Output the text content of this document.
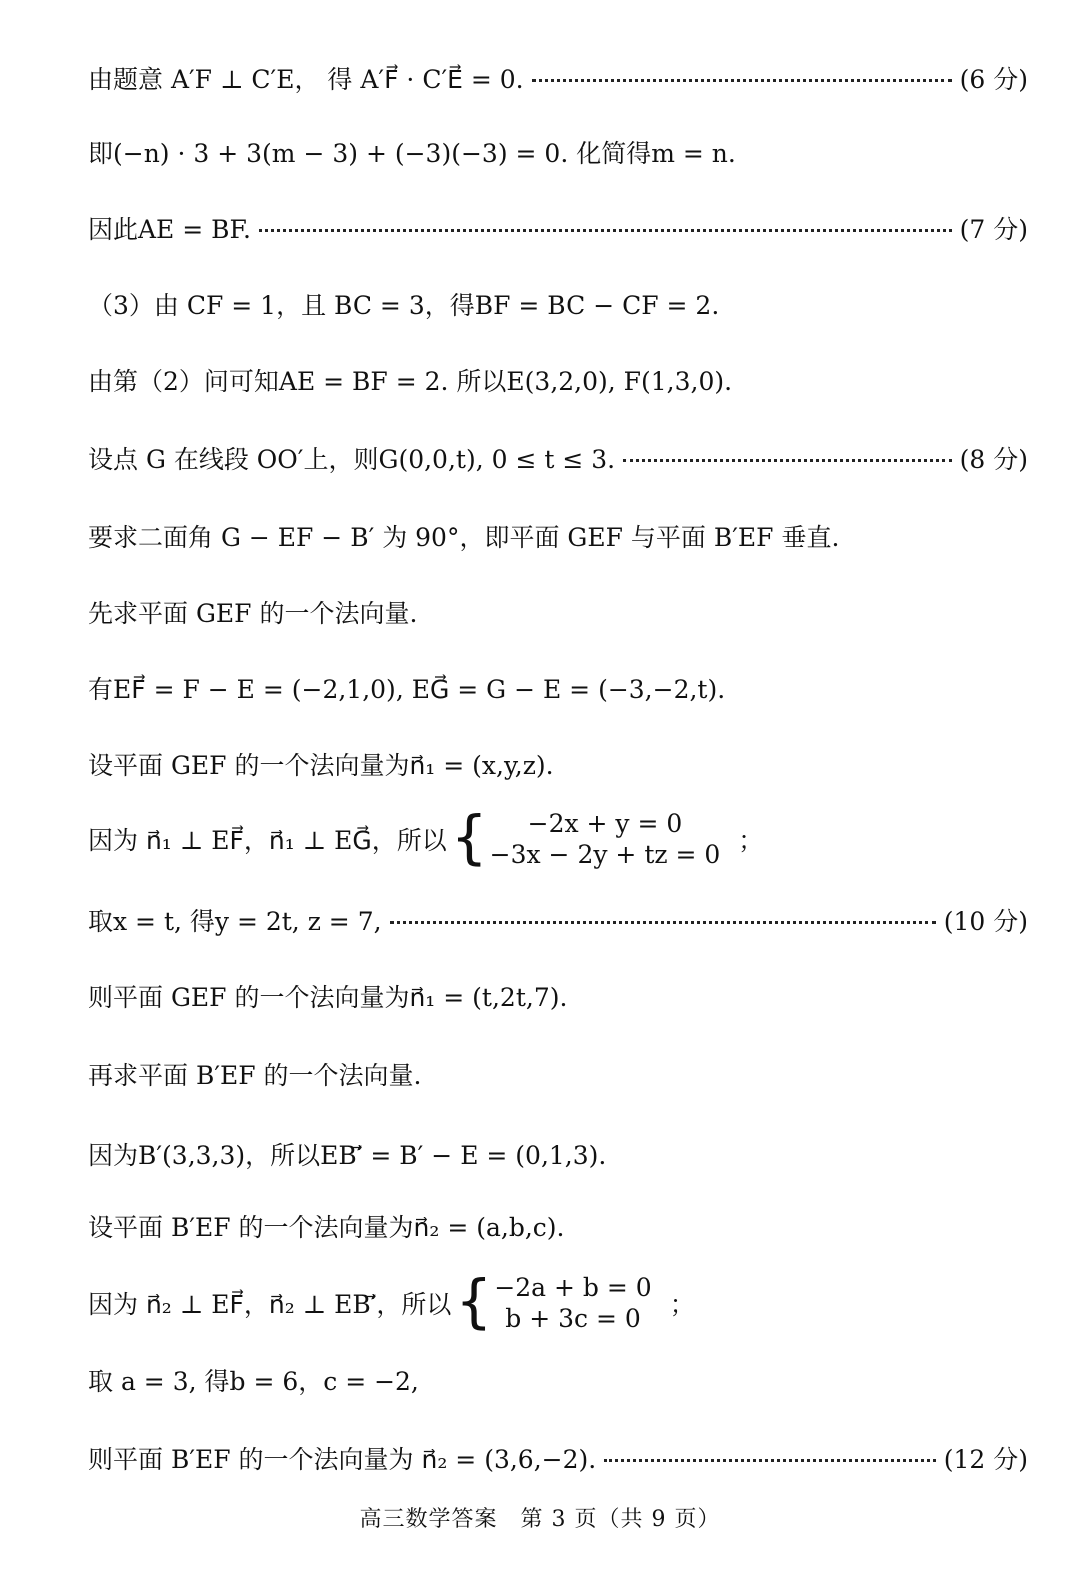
由题意 A′F ⊥ C′E， 得 A′F⃗ · C′E⃗ = 0.	(6 分)
即(−n) · 3 + 3(m − 3) + (−3)(−3) = 0. 化简得m = n.
因此AE = BF.	(7 分)
（3）由 CF = 1，且 BC = 3，得BF = BC − CF = 2.
由第（2）问可知AE = BF = 2. 所以E(3,2,0), F(1,3,0).
设点 G 在线段 OO′上，则G(0,0,t), 0 ≤ t ≤ 3.	(8 分)
要求二面角 G − EF − B′ 为 90°，即平面 GEF 与平面 B′EF 垂直.
先求平面 GEF 的一个法向量.
有EF⃗ = F − E = (−2,1,0), EG⃗ = G − E = (−3,−2,t).
设平面 GEF 的一个法向量为n⃗₁ = (x,y,z).
因为 n⃗₁ ⊥ EF⃗，n⃗₁ ⊥ EG⃗，所以 { −2x + y = 0
−3x − 2y + tz = 0 ；
取x = t, 得y = 2t, z = 7,	(10 分)
则平面 GEF 的一个法向量为n⃗₁ = (t,2t,7).
再求平面 B′EF 的一个法向量.
因为B′(3,3,3)，所以EB′⃗ = B′ − E = (0,1,3).
设平面 B′EF 的一个法向量为n⃗₂ = (a,b,c).
因为 n⃗₂ ⊥ EF⃗，n⃗₂ ⊥ EB′⃗，所以 { −2a + b = 0
b + 3c = 0 ；
取 a = 3, 得b = 6，c = −2,
则平面 B′EF 的一个法向量为 n⃗₂ = (3,6,−2).	(12 分)
高三数学答案　第 3 页（共 9 页）
